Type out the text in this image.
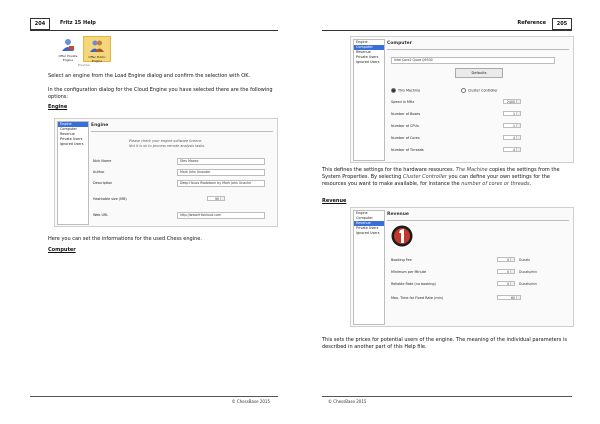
204	Fritz 15 Help
Offer Private
Engine
Offer Public
Engine
Provider
Select an engine from the Load Engine dialog and confirm the selection with OK.
In the configuration dialog for the Cloud Engine you have selected there are the following options:
Engine
Engine
Computer
Revenue
Private Users
Ignored Users
Engine
Please check your engine software licence.
Not it is ok to process remote analysis tasks.
Nick Name	Stev Maeco
Author	Mark John Unauder
Description	Deep Houcs Rwdeborn by Mark John Unache
Hashtable size (MB)	90
Web URL	http://www.fritzcloud.com
Here you can set the informations for the used Chess engine.
Computer
© ChessBase 2015
Reference	205
Engine
Computer
Revenue
Private Users
Ignored Users
Computer
Intel Core2 Quad Q9300
Defaults
This Machine	Cluster Controller
Speed in MHz	2400
Number of Boxes	1
Number of CPUs	1
Number of Cores	4
Number of Threads	4
This defines the settings for the hardware resources. The Machine copies the settings from the System Properties. By selecting Cluster Controller you can define your own settings for the resources you want to make available, for instance the number of cores or threads.
Revenue
Engine
Computer
Revenue
Private Users
Ignored Users
Revenue
Booking Fee	0	Ducats
Minimum per Minute	0	Ducats/min
Reliable Rate (no booking)	0	Ducats/min
Max. Time for Fixed Rate (min)	60
This sets the prices for potential users of the engine. The meaning of the individual parameters is described in another part of this Help file.
© ChessBase 2015
